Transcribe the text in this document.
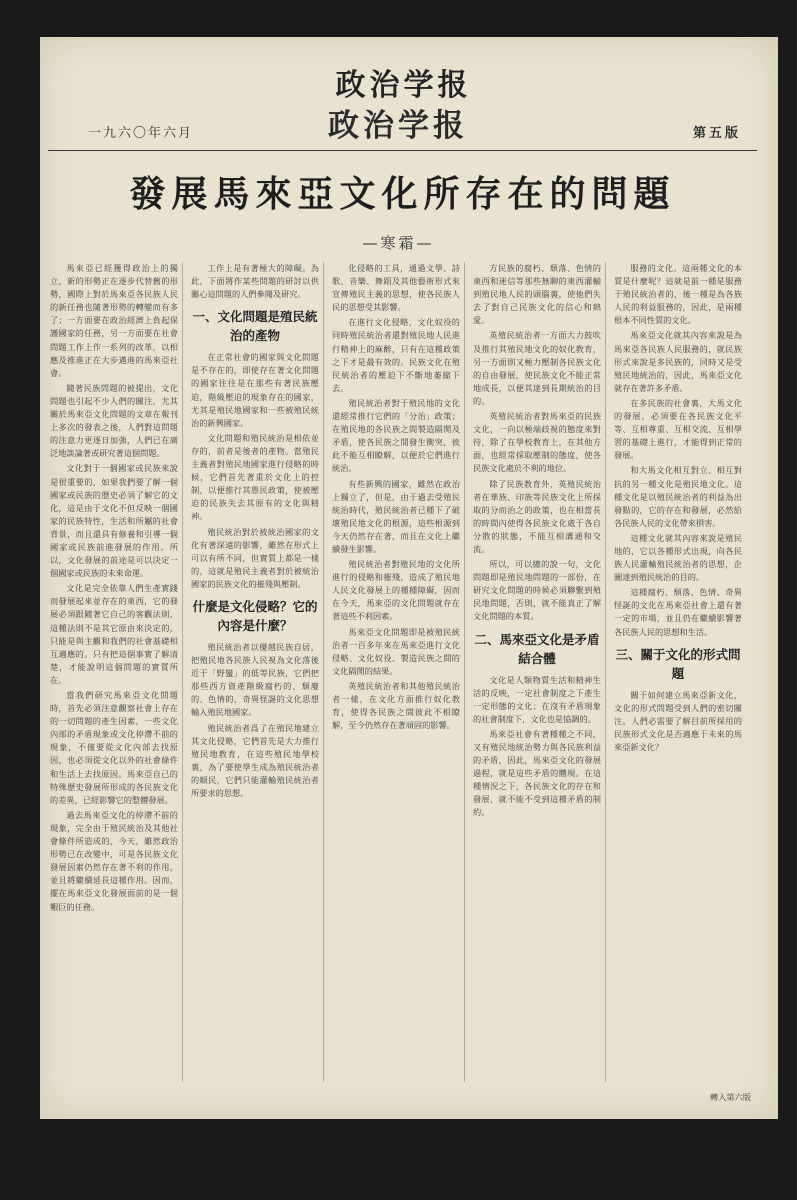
政治学报
一九六〇年六月	第五版
政治学报
發展馬來亞文化所存在的問題
—寒霜—

馬來亞已經獲得政治上的獨立，新的形勢正在逐步代替舊的形勢，國際上對於馬來亞各民族人民的新任務也隨著形勢的轉變而有多了；一方面要在政治經濟上負起保護國家的任務，另一方面要在社會問題工作上作一系列的改革，以相應及推進正在大步邁進的馬來亞社會。

隨著民族問題的被提出，文化問題也引起不少人們的關注，尤其關於馬來亞文化問題的文章在報刊上多次的發表之後，人們對這問題的注意力更逐日加強，人們已在廣泛地談論著或研究著這個問題。

文化對于一個國家或民族來說是很重要的，如果我們要了解一個國家或民族的歷史必須了解它的文化，這是由于文化不但反映一個國家的民族特性，生活和所屬的社會背景，而且還具有修養和引導一個國家或民族前進發展的作用。所以，文化發展的前途是可以決定一個國家或民族的未來命運。

文化是完全依靠人們生產實踐而發展起來並存在的東西，它的發展必須跟隨著它自己的客觀法則，這種法則不是其它原由來決定的，只能是與主觀和我們的社會基礎相互適應的。只有把這個事實了解清楚，才能說明這個問題的實質所在。

當我們研究馬來亞文化問題時，首先必須注意觀察社會上存在的一切問題的產生因素，一些文化內部的矛盾現象或文化停滯不前的現象，不僅要從文化內部去找原因，也必須從文化以外的社會條件和生活上去找原因。馬來亞自己的特殊歷史發展所形成的各民族文化的差異，已經影響它的整體發展。

過去馬來亞文化的停滯不前的現象，完全由于殖民統治及其他社會條件所造成的，今天，雖然政治形勢已在改變中，可是各民族文化發展因素仍然存在著不利的作用，並且將繼續延長這種作用。因而，擺在馬來亞文化發展面前的是一個艱巨的任務。

工作上是有著極大的障礙。為此，下面將作某些問題的研討以供關心這問題的人們參閱及研究。

一、文化問題是殖民統治的產物

在正常社會的國家與文化問題是不存在的，即使存在著文化問題的國家往往是在那些有著民族壓迫，階級壓迫的現象存在的國家，尤其是殖民地國家和一些被殖民統治的新興國家。

文化問題和殖民統治是相依並存的，前者是後者的產物。當殖民主義者對殖民地國家進行侵略的時候，它們首先著重於文化上的控制，以便推行其愚民政策，使被壓迫的民族失去其原有的文化與精神。

殖民統治對於被統治國家的文化有著深遠的影響，雖然在形式上可以有所不同，但實質上都是一樣的，這就是殖民主義者對於被統治國家的民族文化的摧殘與壓制。

什麼是文化侵略？它的內容是什麼？

殖民統治者以優越民族自居，把殖民地各民族人民視為文化落後近于「野蠻」的低等民族，它們把那些西方資產階級腐朽的、頹廢的、色情的、奇異怪誕的文化思想輸入殖民地國家。

殖民統治者爲了在殖民地建立其文化侵略，它們首先是大力推行殖民地教育，在這些殖民地學校裏，為了要使學生成為殖民統治者的順民，它們只能灌輸殖民統治者所要求的思想。

化侵略的工具，通過文學、詩歌、音樂、舞蹈及其他藝術形式來宣傳殖民主義的思想，使各民族人民的思想受其影響。

在進行文化侵略，文化奴役的同時殖民統治者還對殖民地人民進行精神上的麻醉，只有在這種政策之下才是最有效的。民族文化在殖民統治者的壓迫下不斷地萎縮下去。

殖民統治者對于殖民地的文化還經常推行它們的「分治」政策；在殖民地的各民族之間製造隔閡及矛盾，使各民族之間發生衝突，彼此不能互相瞭解，以便於它們進行統治。

有些新興的國家，雖然在政治上獨立了，但是，由于過去受殖民統治時代，殖民統治者已種下了破壞殖民地文化的根源，這些根源到今天仍然存在著，而且在文化上繼續發生影響。

殖民統治者對殖民地的文化所進行的侵略和摧殘，造成了殖民地人民文化發展上的種種障礙，因而在今天，馬來亞的文化問題就存在著這些不利因素。

馬來亞文化問題即是被殖民統治者一百多年來在馬來亞進行文化侵略、文化奴役、製造民族之間的文化隔閡的結果。

英殖民統治者和其他殖民統治者一樣，在文化方面推行奴化教育，使得各民族之間彼此不相瞭解，至今仍然存在著頑固的影響。

方民族的腐朽、頹落、色情的東西和迷信等那些無聊的東西灌輸到殖民地人民的頭腦裏，使他們失去了對自己民族文化的信心和熱愛。

英殖民統治者一方面大力鼓吹及推行其殖民地文化的奴化教育，另一方面則又極力壓制各民族文化的自由發展，使民族文化不能正常地成長，以便其達到長期統治的目的。

英殖民統治者對馬來亞的民族文化，一向以極端歧視的態度來對待，除了在學校教育上，在其他方面，也經常採取壓制的態度，使各民族文化處於不利的地位。

除了民族教育外，英殖民統治者在華族、印族等民族文化上所採取的分而治之的政策，也在相當長的時間內使得各民族文化處于各自分散的狀態，不能互相溝通和交流。

所以，可以總的說一句，文化問題即是殖民地問題的一部份，在研究文化問題的時候必須聯繫到殖民地問題，否則，就不能真正了解文化問題的本質。

二、馬來亞文化是矛盾結合體

文化是人類物質生活和精神生活的反映，一定社會制度之下產生一定形態的文化；在沒有矛盾現象的社會制度下，文化也是協調的。

馬來亞社會有著種種之不同，又有殖民地統治勢力與各民族利益的矛盾，因此，馬來亞文化的發展過程，就是這些矛盾的體現。在這種情況之下，各民族文化的存在和發展，就不能不受到這種矛盾的制約。

服務的文化。這兩種文化的本質是什麼呢？這就是前一種是服務于殖民統治者的，後一種是為各族人民的利益服務的，因此，是兩種根本不同性質的文化。

馬來亞文化就其內容來說是為馬來亞各民族人民服務的，就民族形式來說是多民族的，同時又是受殖民地統治的，因此，馬來亞文化就存在著許多矛盾。

在多民族的社會裏，大馬文化的發展，必須要在各民族文化平等、互相尊重、互相交流、互相學習的基礎上進行，才能得到正常的發展。

和大馬文化相互對立、相互對抗的另一種文化是殖民地文化。這種文化是以殖民統治者的利益為出發點的，它的存在和發展，必然給各民族人民的文化帶來損害。

這種文化就其內容來說是殖民地的，它以各種形式出現，向各民族人民灌輸殖民統治者的思想，企圖達到殖民統治的目的。

這種腐朽、頹落、色情、奇異怪誕的文化在馬來亞社會上還有著一定的市場，並且仍在繼續影響著各民族人民的思想和生活。

三、關于文化的形式問題

關于如何建立馬來亞新文化，文化的形式問題受到人們的密切關注。人們必需要了解目前所採用的民族形式文化是否適應于未來的馬來亞新文化？

轉入第六版
